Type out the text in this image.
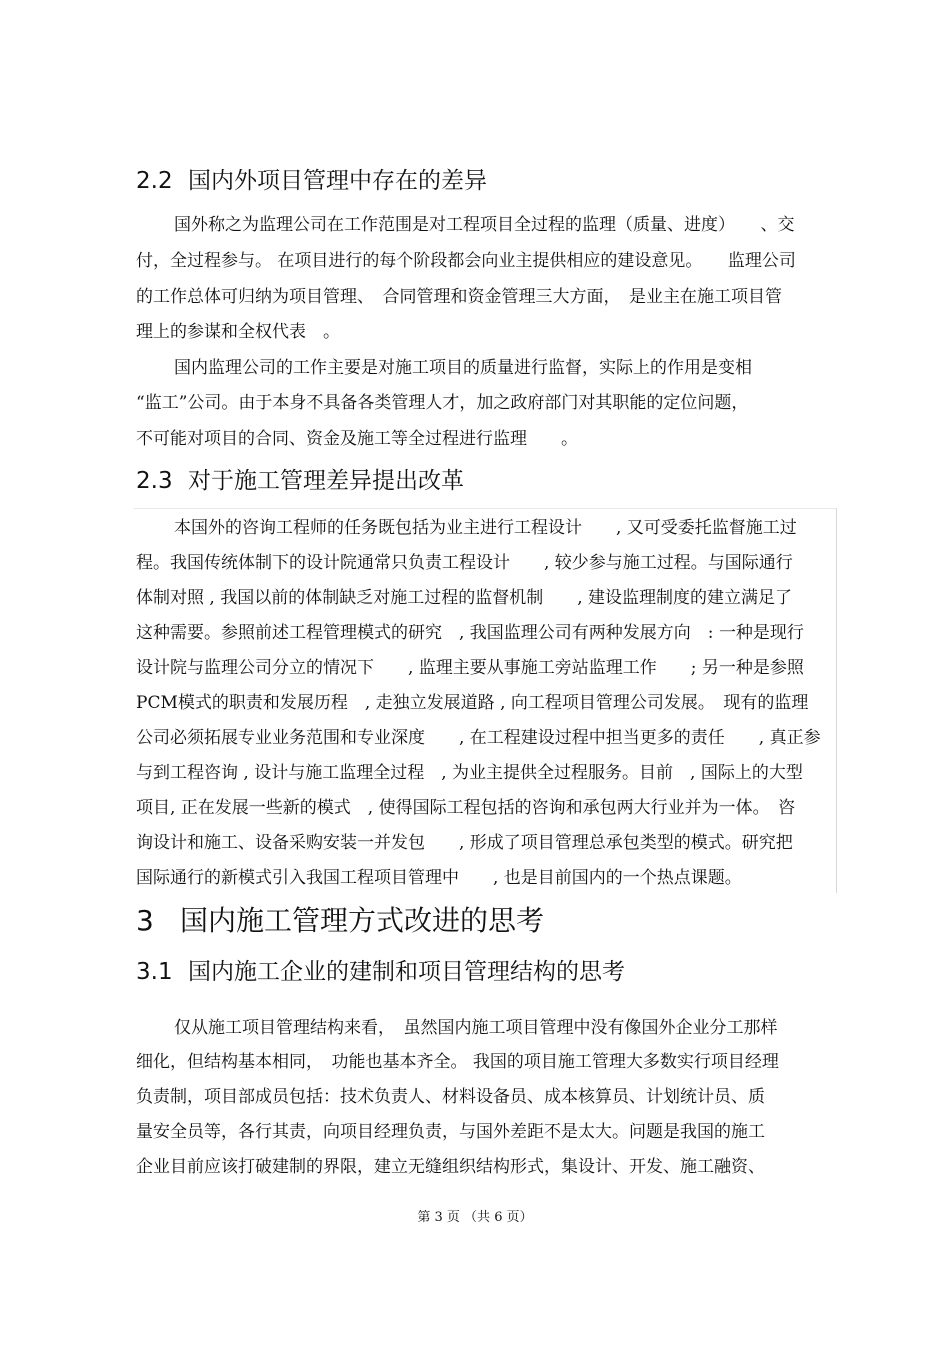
2.2 国内外项目管理中存在的差异
国外称之为监理公司在工作范围是对工程项目全过程的监理（质量、进度）　　、交
付，全过程参与。 在项目进行的每个阶段都会向业主提供相应的建设意见。　　监理公司
的工作总体可归纳为项目管理、　合同管理和资金管理三大方面，　是业主在施工项目管
理上的参谋和全权代表　。
国内监理公司的工作主要是对施工项目的质量进行监督，实际上的作用是变相
“监工”公司。由于本身不具备各类管理人才，加之政府部门对其职能的定位问题，
不可能对项目的合同、资金及施工等全过程进行监理　　。
2.3 对于施工管理差异提出改革
本国外的咨询工程师的任务既包括为业主进行工程设计　　, 又可受委托监督施工过
程。我国传统体制下的设计院通常只负责工程设计　　, 较少参与施工过程。与国际通行
体制对照 , 我国以前的体制缺乏对施工过程的监督机制　　, 建设监理制度的建立满足了
这种需要。参照前述工程管理模式的研究　, 我国监理公司有两种发展方向　: 一种是现行
设计院与监理公司分立的情况下　　, 监理主要从事施工旁站监理工作　　; 另一种是参照
PCM模式的职责和发展历程　, 走独立发展道路 , 向工程项目管理公司发展。　现有的监理
公司必须拓展专业业务范围和专业深度　　, 在工程建设过程中担当更多的责任　　, 真正参
与到工程咨询 , 设计与施工监理全过程　, 为业主提供全过程服务。目前　, 国际上的大型
项目, 正在发展一些新的模式　, 使得国际工程包括的咨询和承包两大行业并为一体。　咨
询设计和施工、设备采购安装一并发包　　, 形成了项目管理总承包类型的模式。研究把
国际通行的新模式引入我国工程项目管理中　　, 也是目前国内的一个热点课题。
3 国内施工管理方式改进的思考
3.1 国内施工企业的建制和项目管理结构的思考
仅从施工项目管理结构来看，　虽然国内施工项目管理中没有像国外企业分工那样
细化，但结构基本相同，　功能也基本齐全。 我国的项目施工管理大多数实行项目经理
负责制，项目部成员包括：技术负责人、材料设备员、成本核算员、计划统计员、质
量安全员等，各行其责，向项目经理负责，与国外差距不是太大。问题是我国的施工
企业目前应该打破建制的界限，建立无缝组织结构形式，集设计、开发、施工融资、
第 3 页 （共 6 页）
